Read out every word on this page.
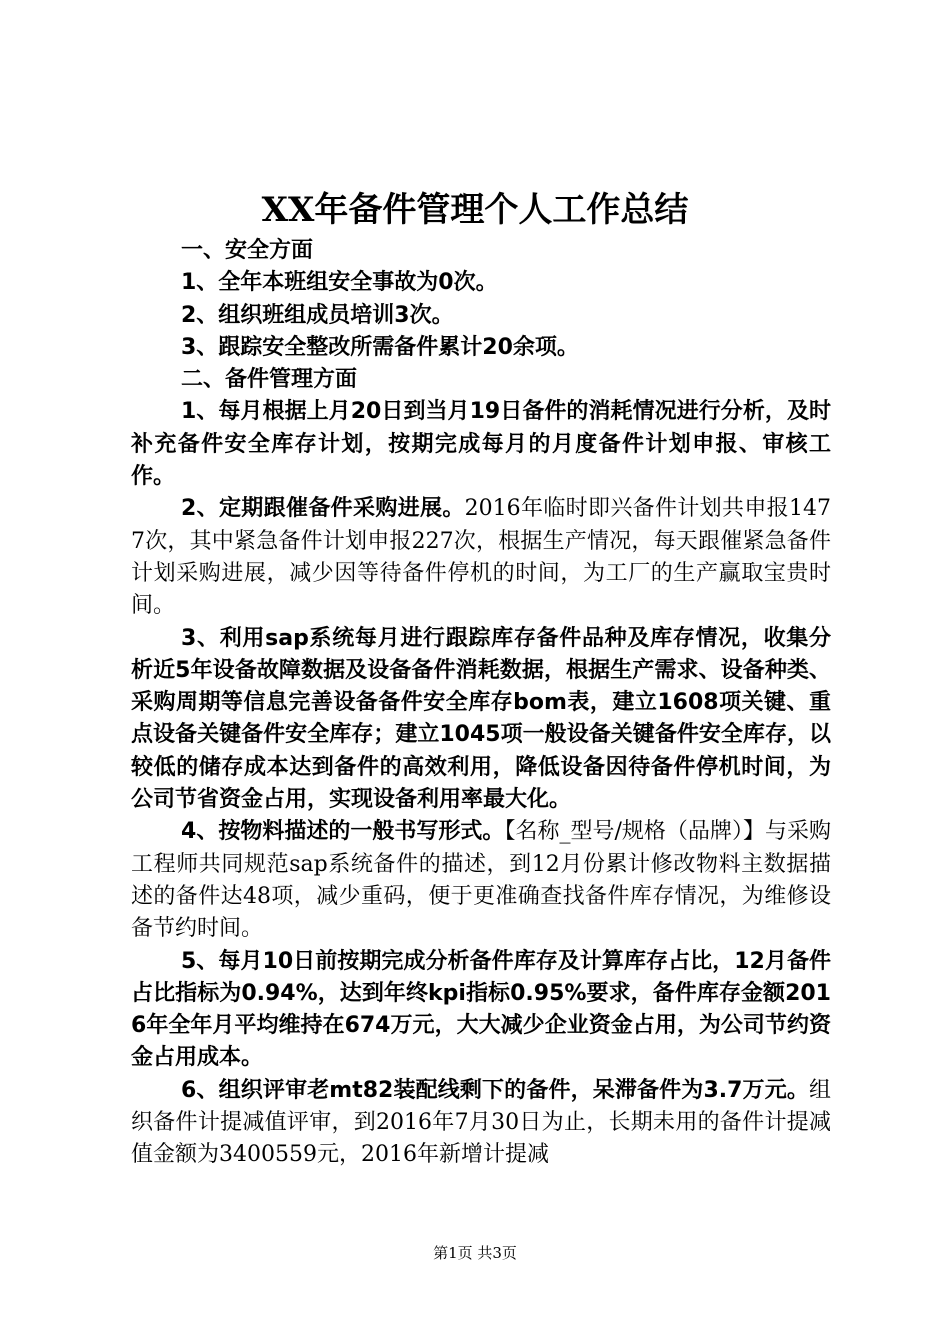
XX年备件管理个人工作总结

一、安全方面

1、全年本班组安全事故为0次。

2、组织班组成员培训3次。

3、跟踪安全整改所需备件累计20余项。

二、备件管理方面

1、每月根据上月20日到当月19日备件的消耗情况进行分析，及时补充备件安全库存计划，按期完成每月的月度备件计划申报、审核工作。

2、定期跟催备件采购进展。2016年临时即兴备件计划共申报1477次，其中紧急备件计划申报227次，根据生产情况，每天跟催紧急备件计划采购进展，减少因等待备件停机的时间，为工厂的生产赢取宝贵时间。

3、利用sap系统每月进行跟踪库存备件品种及库存情况，收集分析近5年设备故障数据及设备备件消耗数据，根据生产需求、设备种类、采购周期等信息完善设备备件安全库存bom表，建立1608项关键、重点设备关键备件安全库存；建立1045项一般设备关键备件安全库存，以较低的储存成本达到备件的高效利用，降低设备因待备件停机时间，为公司节省资金占用，实现设备利用率最大化。

4、按物料描述的一般书写形式。【名称_型号/规格（品牌）】与采购工程师共同规范sap系统备件的描述，到12月份累计修改物料主数据描述的备件达48项，减少重码，便于更准确查找备件库存情况，为维修设备节约时间。

5、每月10日前按期完成分析备件库存及计算库存占比，12月备件占比指标为0.94%，达到年终kpi指标0.95%要求，备件库存金额2016年全年月平均维持在674万元，大大减少企业资金占用，为公司节约资金占用成本。

6、组织评审老mt82装配线剩下的备件，呆滞备件为3.7万元。组织备件计提减值评审，到2016年7月30日为止，长期未用的备件计提减值金额为3400559元，2016年新增计提减

第1页 共3页
